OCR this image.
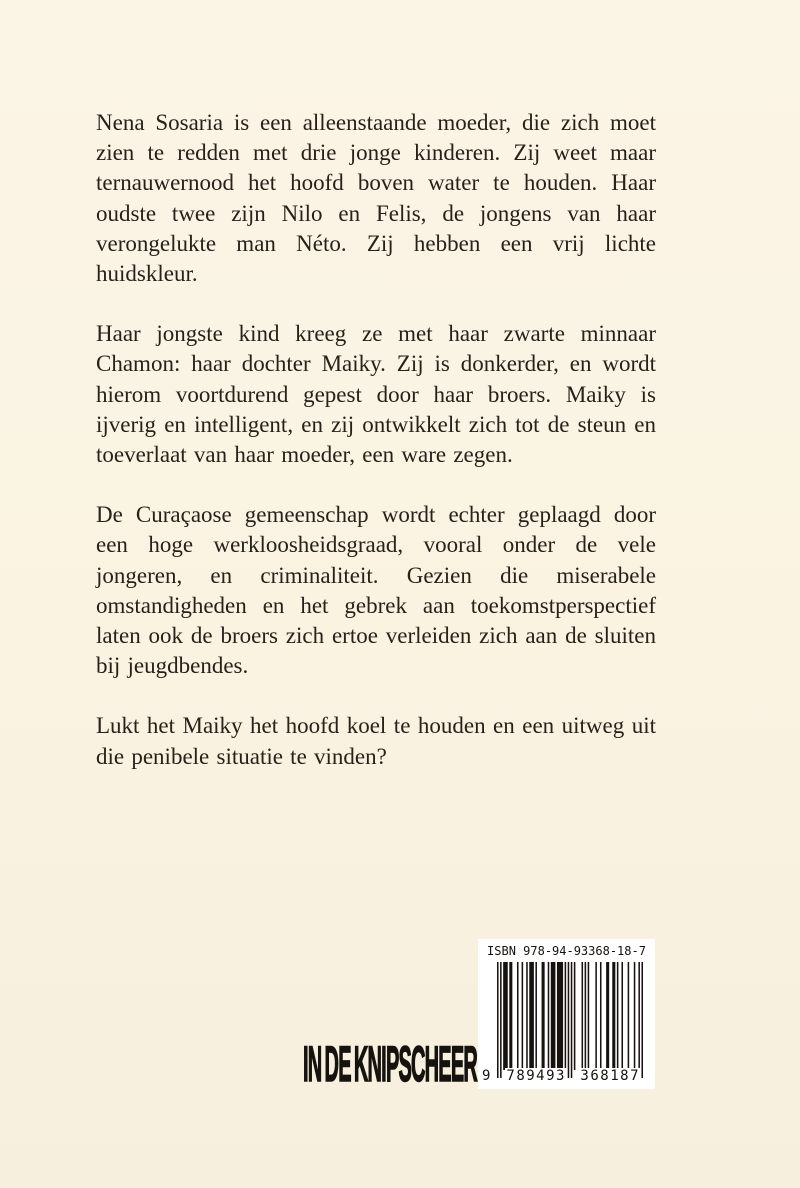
Nena Sosaria is een alleenstaande moeder, die zich moet zien te redden met drie jonge kinderen. Zij weet maar ternauwernood het hoofd boven water te houden. Haar oudste twee zijn Nilo en Felis, de jongens van haar verongelukte man Néto. Zij hebben een vrij lichte huidskleur.

Haar jongste kind kreeg ze met haar zwarte minnaar Chamon: haar dochter Maiky. Zij is donkerder, en wordt hierom voortdurend gepest door haar broers. Maiky is ijverig en intelligent, en zij ontwikkelt zich tot de steun en toeverlaat van haar moeder, een ware zegen.

De Curaçaose gemeenschap wordt echter geplaagd door een hoge werkloosheidsgraad, vooral onder de vele jongeren, en criminaliteit. Gezien die miserabele omstandigheden en het gebrek aan toekomstperspectief laten ook de broers zich ertoe verleiden zich aan de sluiten bij jeugdbendes.

Lukt het Maiky het hoofd koel te houden en een uitweg uit die penibele situatie te vinden?

IN DE KNIPSCHEER
ISBN 978-94-93368-18-7
9 789493 368187
